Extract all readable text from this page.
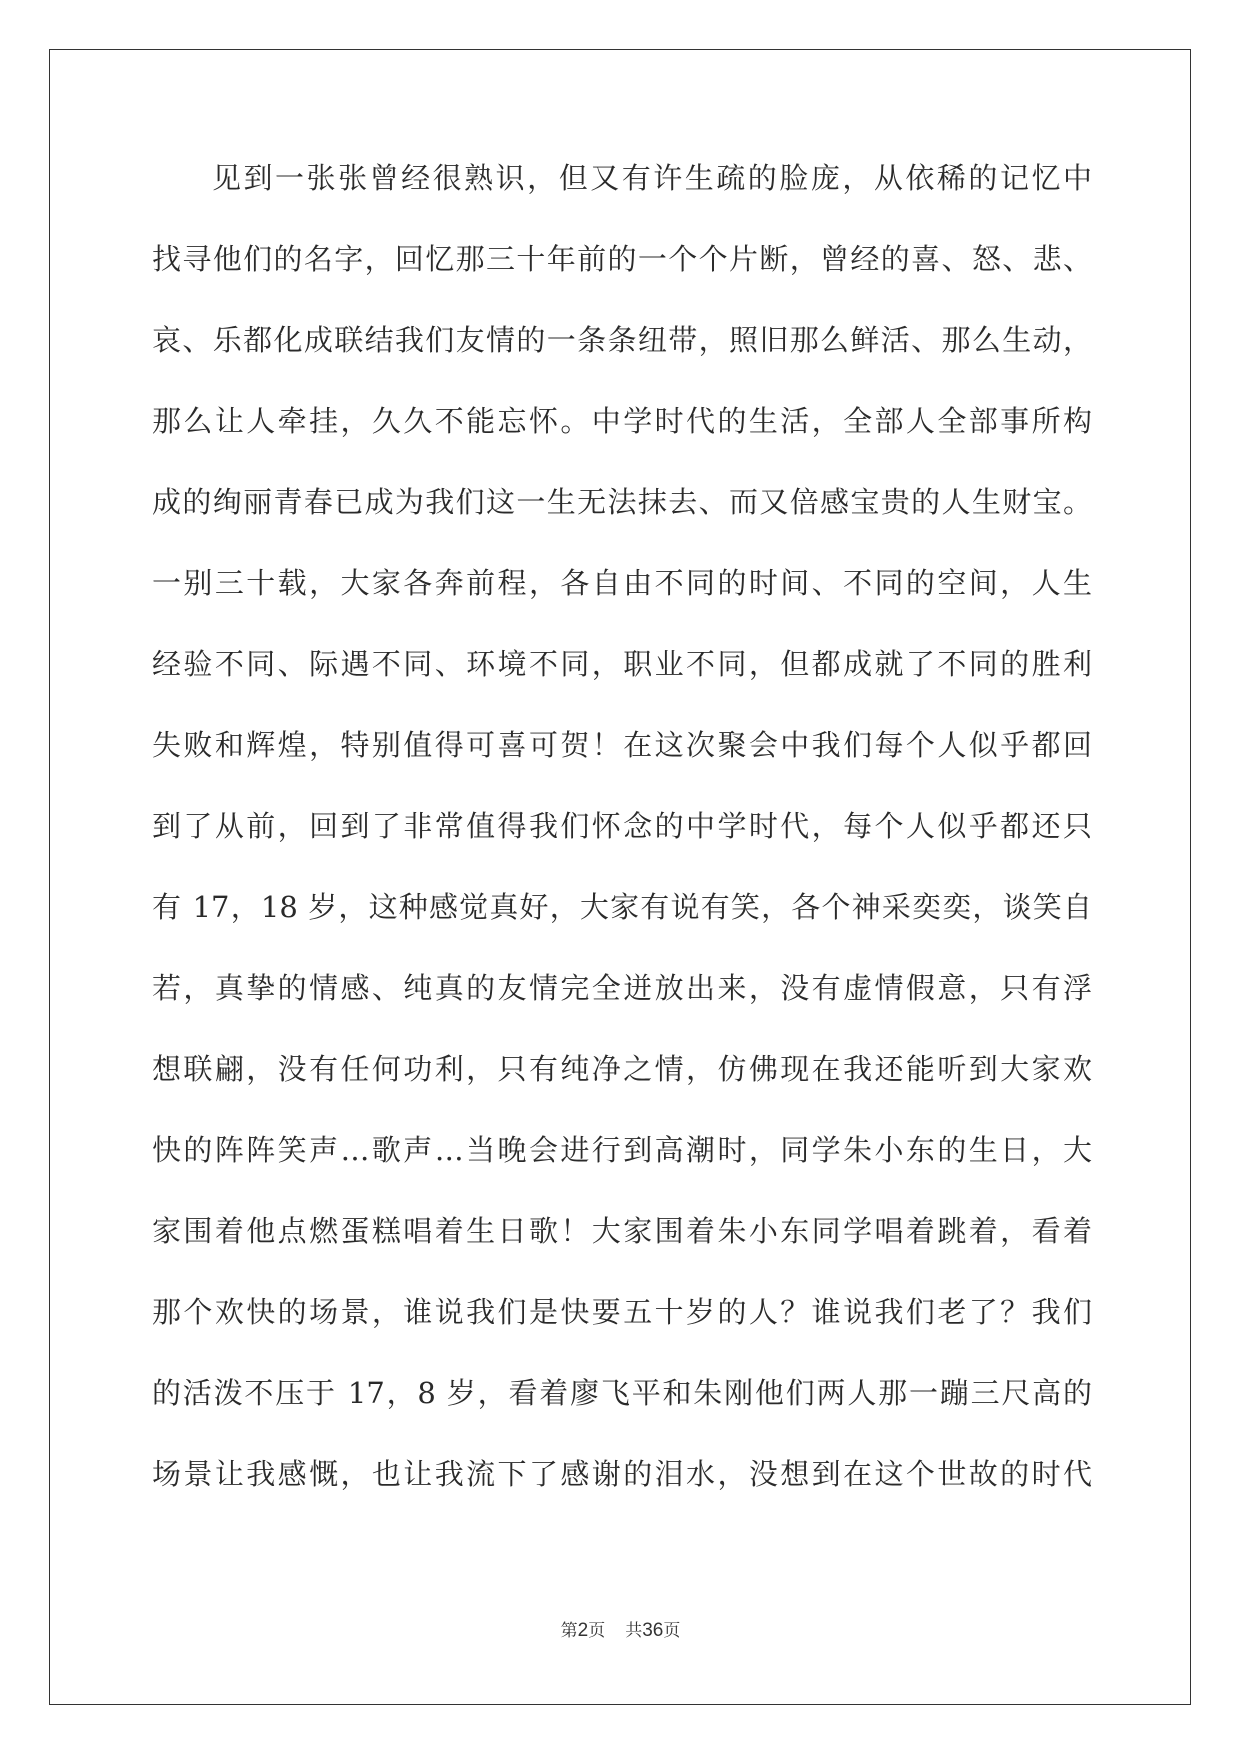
见到一张张曾经很熟识，但又有许生疏的脸庞，从依稀的记忆中
找寻他们的名字，回忆那三十年前的一个个片断，曾经的喜、怒、悲、
哀、乐都化成联结我们友情的一条条纽带，照旧那么鲜活、那么生动，
那么让人牵挂，久久不能忘怀。中学时代的生活，全部人全部事所构
成的绚丽青春已成为我们这一生无法抹去、而又倍感宝贵的人生财宝。
一别三十载，大家各奔前程，各自由不同的时间、不同的空间，人生
经验不同、际遇不同、环境不同，职业不同，但都成就了不同的胜利
失败和辉煌，特别值得可喜可贺！在这次聚会中我们每个人似乎都回
到了从前，回到了非常值得我们怀念的中学时代，每个人似乎都还只
有 17，18 岁，这种感觉真好，大家有说有笑，各个神采奕奕，谈笑自
若，真挚的情感、纯真的友情完全迸放出来，没有虚情假意，只有浮
想联翩，没有任何功利，只有纯净之情，仿佛现在我还能听到大家欢
快的阵阵笑声…歌声…当晚会进行到高潮时，同学朱小东的生日，大
家围着他点燃蛋糕唱着生日歌！大家围着朱小东同学唱着跳着，看着
那个欢快的场景，谁说我们是快要五十岁的人？谁说我们老了？我们
的活泼不压于 17，8 岁，看着廖飞平和朱刚他们两人那一蹦三尺高的
场景让我感慨，也让我流下了感谢的泪水，没想到在这个世故的时代
第2页 共36页
